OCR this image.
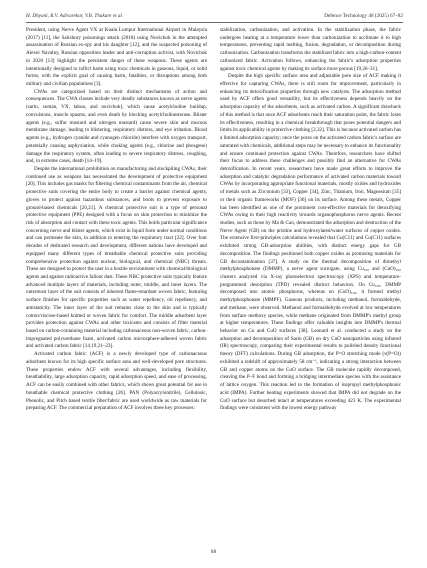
H. Dhyani, R.V. Adivarekar, V.B. Thakare et al.	Defence Technology 48 (2025) 67–82

President, using Nerve Agent VX at Kuala Lumpur International Airport in Malaysia (2017) [11], the Salisbury poisonings attack (2018) using Novichok in the attempted assassination of Russian ex-spy and his daughter [12], and the suspected poisoning of Alexei Navalny, Russian opposition leader and anti-corruption activist, with Novichok in 2020 [13] highlight the persistent danger of these weapons. These agents are intentionally designed to inflict harm using toxic chemicals in gaseous, liquid, or solid forms, with the explicit goal of causing harm, fatalities, or disruptions among both military and civilian populations [3].

CWAs are categorized based on their distinct mechanisms of action and consequences. The CWA classes include very deadly substances known as nerve agents (sarin, soman, VX, tabun, and novichok), which cause acetylcholine buildup, convulsions, muscle spasms, and even death by blocking acetylcholinesterase. Blister agents (e.g., sulfur mustard and nitrogen mustard) cause severe skin and mucous membrane damage, leading to blistering, respiratory distress, and eye irritation. Blood agents (e.g., hydrogen cyanide and cyanogen chloride) interfere with oxygen transport, potentially causing asphyxiation, while choking agents (e.g., chlorine and phosgene) damage the respiratory system, often leading to severe respiratory distress, coughing, and, in extreme cases, death [14–19].

Despite the international prohibition on manufacturing and stockpiling CWAs, their continued use as weapons has necessitated the development of protective equipment [20]. This includes gas masks for filtering chemical contaminants from the air, chemical protective suits covering the entire body to create a barrier against chemical agents, gloves to protect against hazardous substances, and boots to prevent exposure to ground-based chemicals [20,21]. A chemical protective suit is a type of personal protective equipment (PPE) designed with a focus on skin protection to minimize the risk of absorption and contact with these toxic agents. This holds particular significance concerning nerve and blister agents, which exist in liquid form under normal conditions and can permeate the skin, in addition to entering the respiratory tract [22]. Over four decades of dedicated research and development, different nations have developed and equipped many different types of breathable chemical protective suits providing comprehensive protection against nuclear, biological, and chemical (NBC) threats. These are designed to protect the user in a hostile environment with chemical/biological agents and against radioactive fallout dust. These NBC protective suits typically feature advanced multiple layers of materials, including outer, middle, and inner layers. The outermost layer of the suit consists of inherent flame-retardant woven fabric, featuring surface finishes for specific properties such as water repellency, oil repellency, and antistaticity. The inner layer of the suit remains close to the skin and is typically cotton/viscose-based knitted or woven fabric for comfort. The middle adsorbent layer provides protection against CWAs and other toxicants and consists of filter material based on carbon-containing material including carbonaceous non-woven fabric, carbon-impregnated polyurethane foam, activated carbon microsphere-adhered woven fabric and activated carbon fabric [14,19,21–23].

Activated carbon fabric (ACF) is a newly developed type of carbonaceous adsorbent known for its high specific surface area and well-developed pore structures. These properties endow ACF with several advantages, including flexibility, breathability, large adsorption capacity, rapid adsorption speed, and ease of processing. ACF can be easily combined with other fabrics, which shows great potential for use in breathable chemical protective clothing [26]. PAN (Polyacrylonitrile), Cellulosic, Phenolic, and Pitch based textile fiber/fabric are used worldwide as raw materials for preparing ACF. The commercial preparation of ACF involves three key processes:

stabilization, carbonization, and activation. In the stabilization phase, the fabric undergoes heating at a temperature lower than carbonization to acclimate it to high temperatures, preventing rapid melting, fusion, degradation, or decomposition during carbonization. Carbonization transforms the stabilized fabric into a high-carbon-content carbonized fabric. Activation follows, enhancing the fabric's adsorption properties against toxic chemical agents by making its surface more porous [19,26–31].

Despite the high specific surface area and adjustable pore size of ACF making it effective for capturing CWAs, there is still room for improvement, particularly in enhancing its detoxification properties through new catalysts. The adsorption method used by ACF offers good versatility, but its effectiveness depends heavily on the adsorption capacity of the adsorbents, such as activated carbon. A significant drawback of this method is that once ACF adsorbents reach their saturation point, the fabric loses its effectiveness, resulting in a chemical breakthrough that poses potential dangers and limits its applicability in protective clothing [2,32]. This is because activated carbon has a limited adsorption capacity; once the pores on the activated carbon fabric's surface are saturated with chemicals, additional steps may be necessary to enhance its functionality and ensure continued protection against CWAs. Therefore, researchers have shifted their focus to address these challenges and possibly find an alternative for CWAs detoxification. In recent years, researchers have made great efforts to improve the adsorption and catalytic degradation performance of activated carbon materials toward CWAs by incorporating appropriate functional materials, mostly oxides and hydroxides of metals such as Zirconium [33], Copper [34], Zinc, Titanium, Iron, Magnesium [35] or their organic frameworks (MOF) [36] on its surface. Among these metals, Copper has been identified as one of the prominent cost-effective materials for detoxifying CWAs owing to their high reactivity towards organophosphorus nerve agents. Recent studies, such as those by Ma & Cao, demonstrated the adsorption and destruction of the Nerve Agent (GB) on the pristine and hydroxylated/water surfaces of copper oxides. The extensive first-principles calculations revealed that Cu(C11) and Cu(C11) surfaces exhibited strong GB-adsorption abilities, with distinct energy gaps for GB decomposition. The findings positioned both copper oxides as promising materials for GB decontamination [37]. A study on the thermal decomposition of dimethyl methylphosphonate (DMMP), a nerve agent surrogate, using Cu₁₀₀ and (CuO)₁₀₀ clusters analyzed via X-ray photoelectron spectroscopy (XPS) and temperature-programmed desorption (TPD) revealed distinct behaviors. On Cu₁₀₀, DMMP decomposed into atomic phosphorus, whereas on (CuO)₁₀₀, it formed methyl methylphosphonate (MMPF). Gaseous products, including methanol, formaldehyde, and methane, were observed. Methanol and formaldehyde evolved at low temperatures from surface methoxy species, while methane originated from DMMP's methyl group at higher temperatures. These findings offer valuable insights into DMMP's thermal behavior on Cu and CuO surfaces [38]. Leonard et al. conducted a study on the adsorption and decomposition of Sarin (GB) on dry CuO nanoparticles using infrared (IR) spectroscopy, comparing their experimental results to polished density functional theory (DFT) calculations. During GB adsorption, the P=O stretching mode (ν(P=O)) exhibited a redshift of approximately 58 cm⁻¹, indicating a strong interaction between GB and copper atoms on the CuO surface. The GB molecule rapidly decomposed, cleaving the P–F bond and forming a bridging intermediate species with the assistance of lattice oxygen. This reaction led to the formation of isopropyl methylphosphonic acid (IMPA). Further heating experiments showed that IMPA did not degrade on the CuO surface but desorbed intact at temperatures exceeding 423 K. The experimental findings were consistent with the lowest energy pathway

68
